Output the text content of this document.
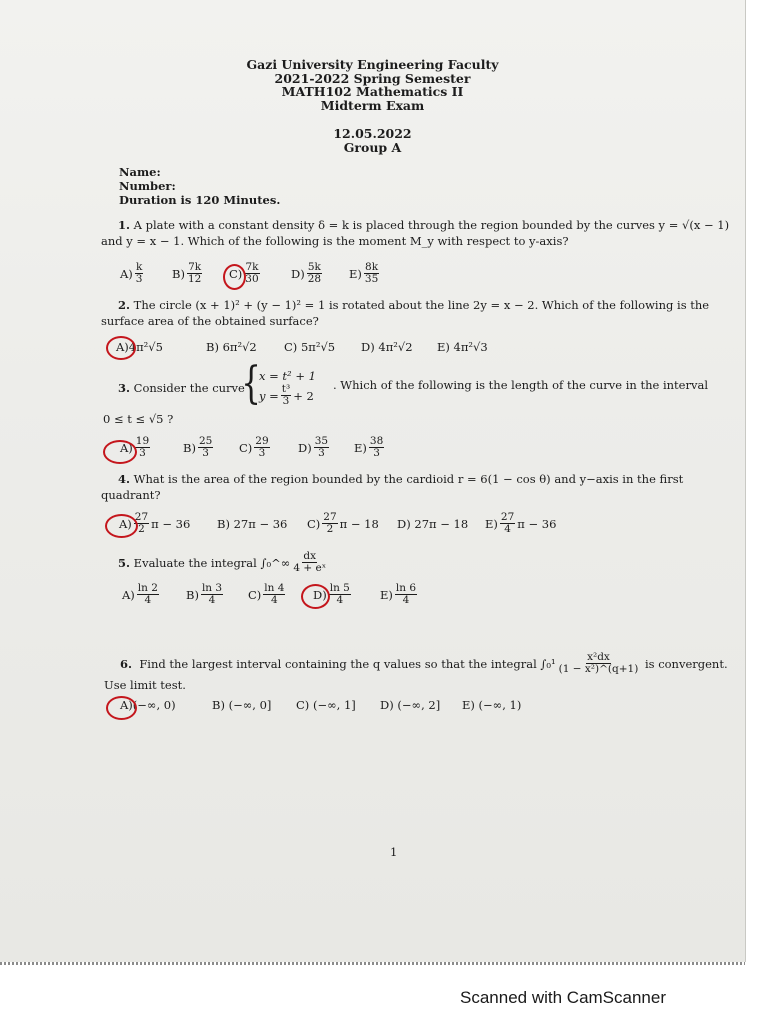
Gazi University Engineering Faculty
2021-2022 Spring Semester
MATH102 Mathematics II
Midterm Exam
12.05.2022
Group A
Name:
Number:
Duration is 120 Minutes.
1. A plate with a constant density δ = k is placed through the region bounded by the curves y = √(x − 1)
and y = x − 1. Which of the following is the moment M_y with respect to y-axis?
$A) \frac{k}{3} B) \frac{7k}{12} C) \frac{7k}{30}$	$D) \frac{5k}{28} E) \frac{8k}{35}$
2. The circle (x + 1)² + (y − 1)² = 1 is rotated about the line 2y = x − 2. Which of the following is the
surface area of the obtained surface?
A) 4π²√5	B)
6π²√2 C)
5π²√5 D)
4π²√2 E)
4π²√3
3. Consider the curve
{
x = t² + 1
$y = \frac{\text{t³}}{3} + 2$
. Which of the following is the length of the curve in the interval
0 ≤ t ≤ √5 ?
$A) \frac{19}{3}$	$B) \frac{25}{3} C) \frac{29}{3} D) \frac{35}{3} E) \frac{38}{3}$
4. What is the area of the region bounded by the cardioid r = 6(1 − cos θ) and y−axis in the first
quadrant?
$A) \frac{27}{2}$ π − 36 B)
27π − 36 $C) \frac{27}{2}$ π − 18 D)
27π − 18 $E) \frac{27}{4}$ π − 36
5.
Evaluate the integral
∫₀^∞ $\frac{dx}{\text{4 + eˣ}}$
$A) \frac{\ln 2}{4} B) \frac{\ln 3}{4} C) \frac{\ln 4}{4} D) \frac{\ln 5}{4}$	$E) \frac{\ln 6}{4}$
6.
Find the largest interval containing the q values so that the integral
$\int_0^1 \frac{\text{x²dx}}{\text{(1 − x²)\textasciicircum{}(q+1)}}$
is convergent.
Use limit test.
A) (−∞, 0)	B)
(−∞, 0] C)
(−∞, 1] D)
(−∞, 2] E)
(−∞, 1)
1
Scanned with CamScanner
